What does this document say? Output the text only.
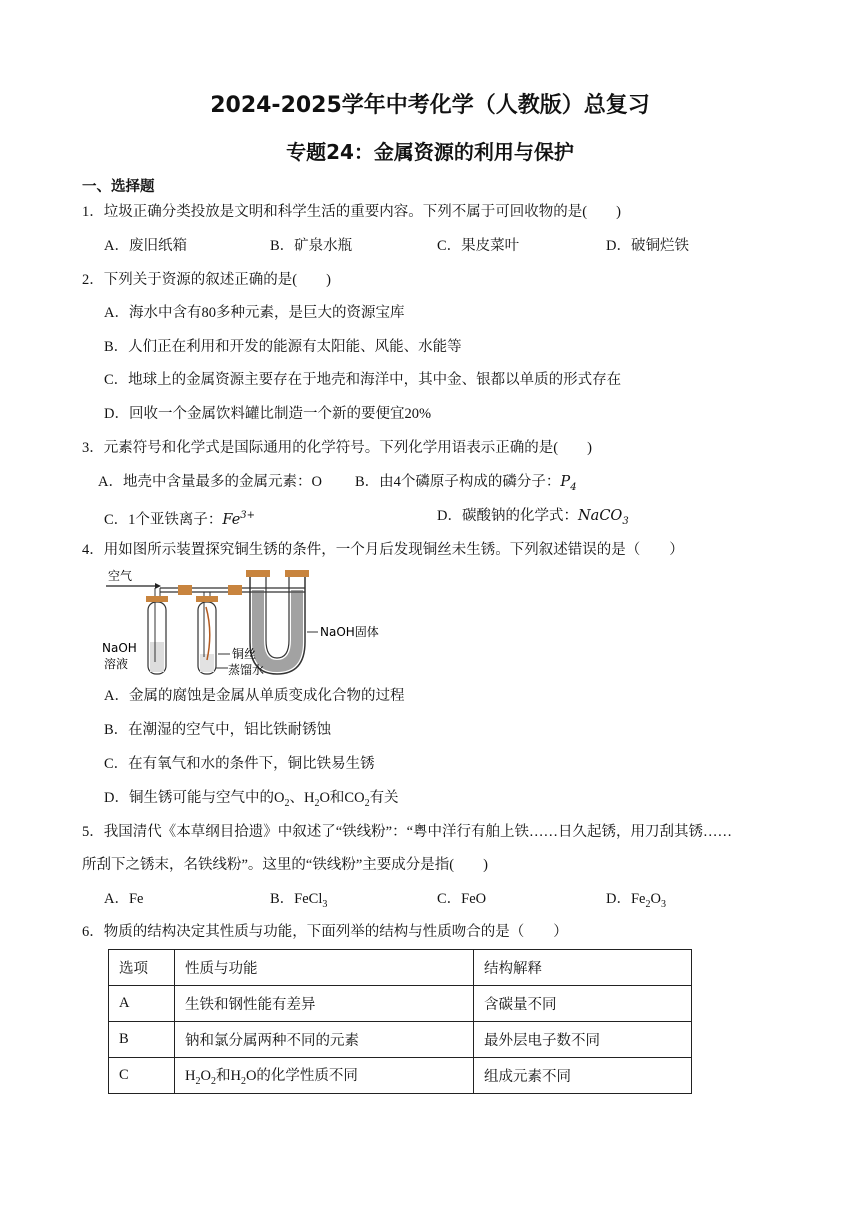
2024-2025学年中考化学（人教版）总复习
专题24：金属资源的利用与保护
一、选择题
1．垃圾正确分类投放是文明和科学生活的重要内容。下列不属于可回收物的是(　　)
A．废旧纸箱	B．矿泉水瓶	C．果皮菜叶	D．破铜烂铁
2．下列关于资源的叙述正确的是(　　)
A．海水中含有80多种元素，是巨大的资源宝库
B．人们正在利用和开发的能源有太阳能、风能、水能等
C．地球上的金属资源主要存在于地壳和海洋中，其中金、银都以单质的形式存在
D．回收一个金属饮料罐比制造一个新的要便宜20%
3．元素符号和化学式是国际通用的化学符号。下列化学用语表示正确的是(　　)
A．地壳中含量最多的金属元素：O B．由4个磷原子构成的磷分子：$P_4$
C．1个亚铁离子：$Fe^{3+}$	D．碳酸钠的化学式：NaCO$_3$
4．用如图所示装置探究铜生锈的条件，一个月后发现铜丝未生锈。下列叙述错误的是（　　）
空气
NaOH固体
NaOH
溶液
铜丝
蒸馏水
A．金属的腐蚀是金属从单质变成化合物的过程
B．在潮湿的空气中，铝比铁耐锈蚀
C．在有氧气和水的条件下，铜比铁易生锈
D．铜生锈可能与空气中的$O_2$、$H_2O$和$CO_2$有关
5．我国清代《本草纲目拾遗》中叙述了“铁线粉”：“粤中洋行有舶上铁……日久起锈，用刀刮其锈……
所刮下之锈末，名铁线粉”。这里的“铁线粉”主要成分是指(　　)
A．Fe	B．FeCl$_3$	C．FeO	D．$Fe_2O_3$
6．物质的结构决定其性质与功能，下面列举的结构与性质吻合的是（　　）
选项	性质与功能	结构解释
A	生铁和钢性能有差异	含碳量不同
B	钠和氯分属两种不同的元素	最外层电子数不同
C	$H_2O_2$和$H_2O$的化学性质不同	组成元素不同
